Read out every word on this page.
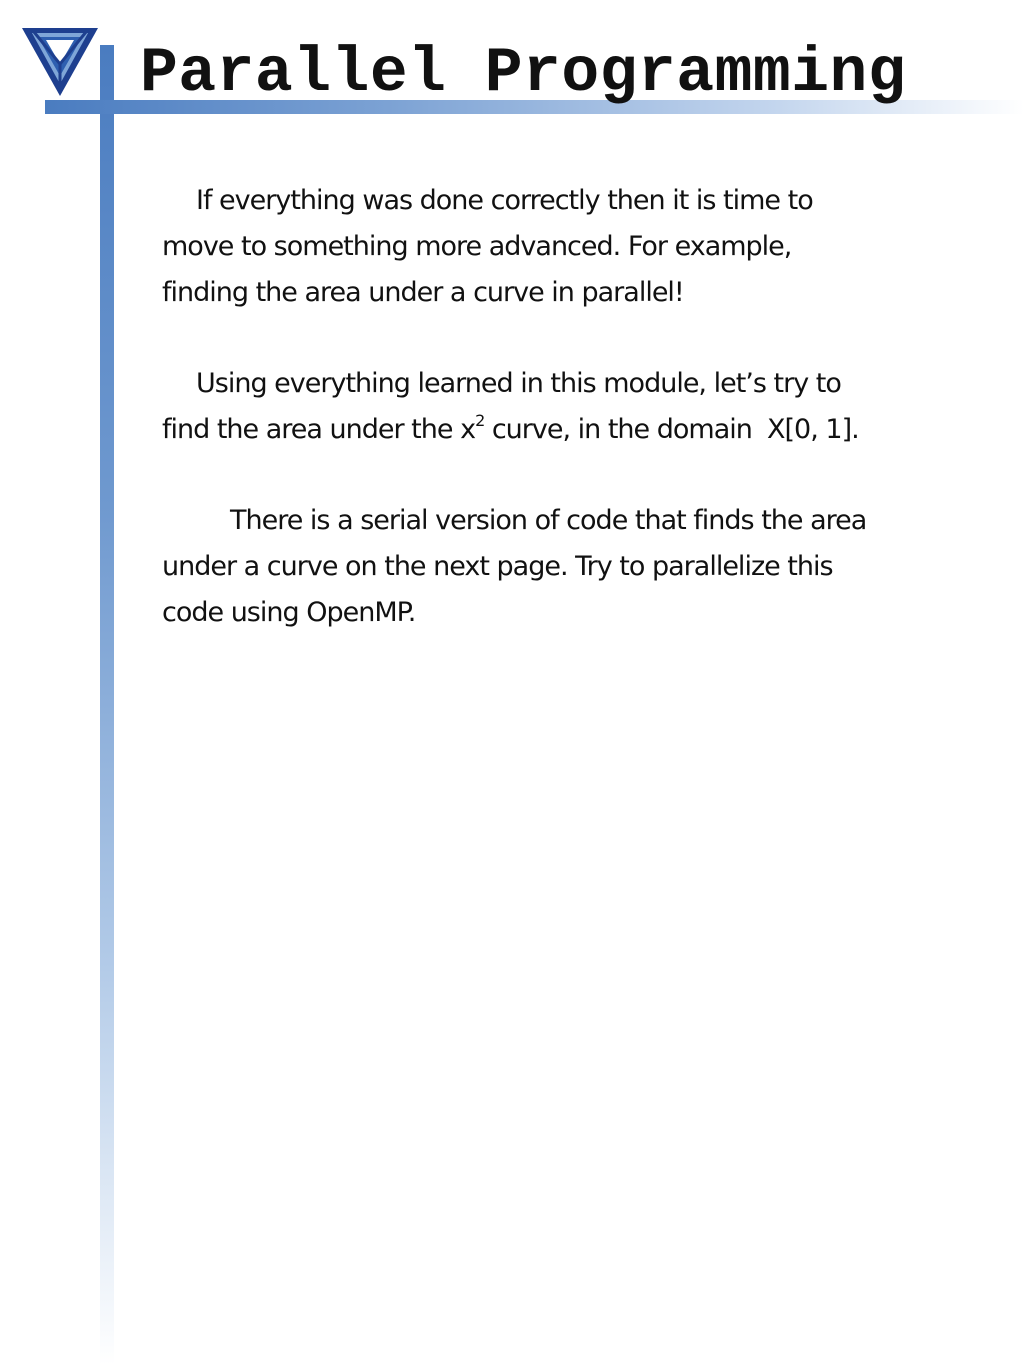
Parallel Programming

If everything was done correctly then it is time to
move to something more advanced. For example,
finding the area under a curve in parallel!

Using everything learned in this module, let’s try to
find the area under the $x^2$ curve, in the domain  X[0, 1].

There is a serial version of code that finds the area
under a curve on the next page. Try to parallelize this
code using OpenMP.
